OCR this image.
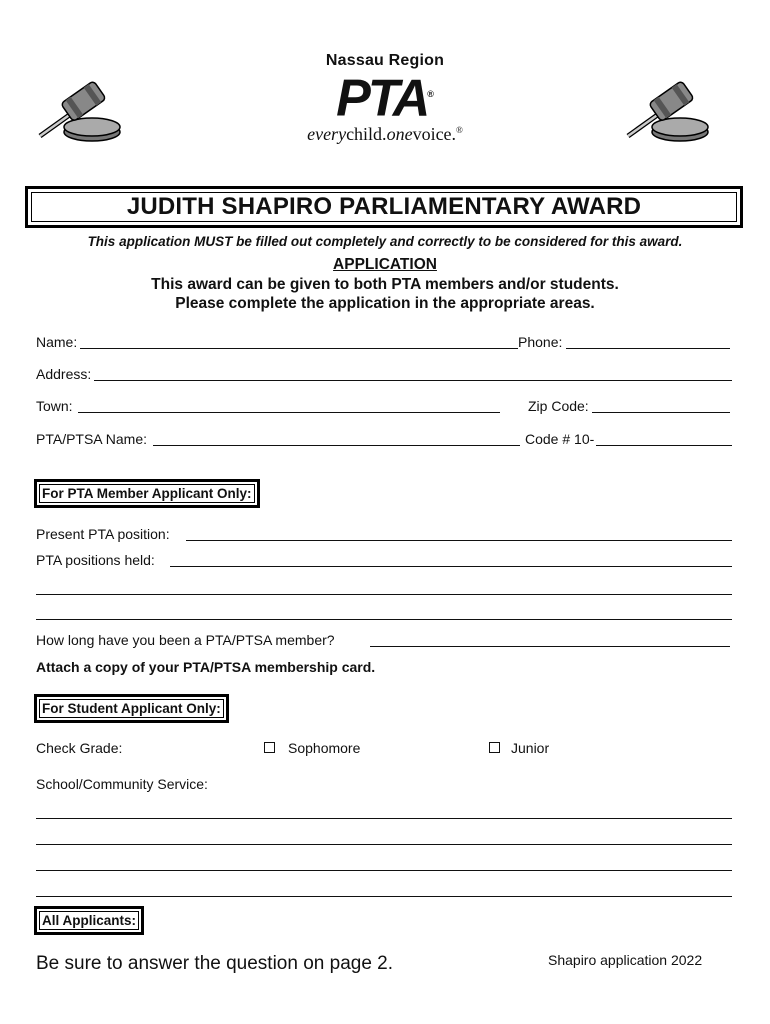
Nassau Region
PTA®
everychild.onevoice.®
JUDITH SHAPIRO PARLIAMENTARY AWARD
This application MUST be filled out completely and correctly to be considered for this award.
APPLICATION
This award can be given to both PTA members and/or students.
Please complete the application in the appropriate areas.
Name:	Phone:
Address:
Town:	Zip Code:
PTA/PTSA Name:	Code # 10-
For PTA Member Applicant Only:
Present PTA position:
PTA positions held:
How long have you been a PTA/PTSA member?
Attach a copy of your PTA/PTSA membership card.
For Student Applicant Only:
Check Grade:	Sophomore	Junior
School/Community Service:
All Applicants:
Be sure to answer the question on page 2.	Shapiro application 2022
